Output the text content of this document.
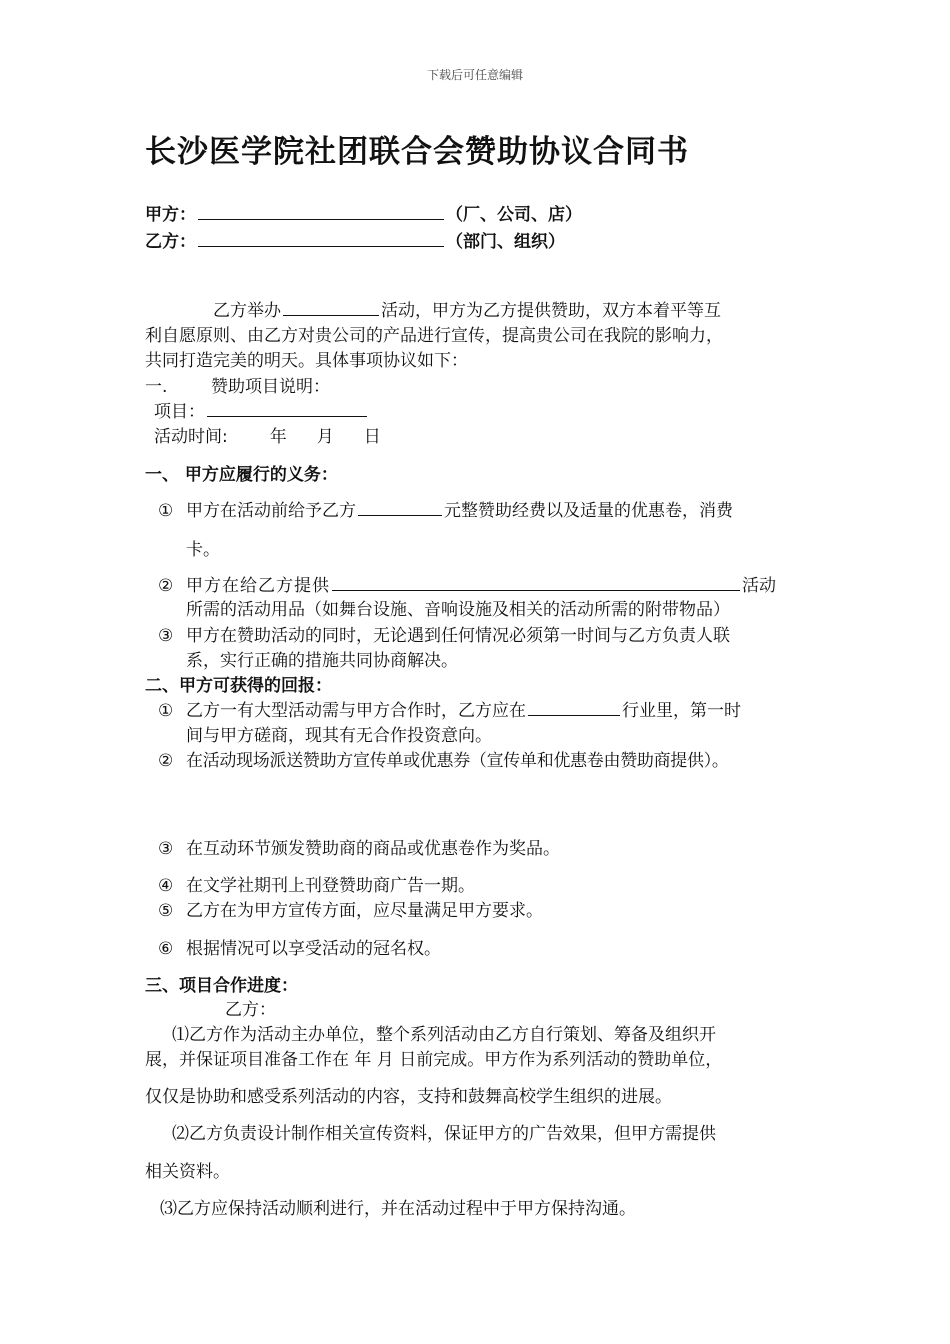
下载后可任意编辑
长沙医学院社团联合会赞助协议合同书
甲方：	（厂、公司、店）
乙方：	（部门、组织）
乙方举办	活动，甲方为乙方提供赞助，双方本着平等互
利自愿原则、由乙方对贵公司的产品进行宣传，提高贵公司在我院的影响力，
共同打造完美的明天。具体事项协议如下：
一.	赞助项目说明：
项目：
活动时间: 年 月 日
一、 甲方应履行的义务：
① 甲方在活动前给予乙方	元整赞助经费以及适量的优惠卷，消费
卡。
② 甲方在给乙方提供	活动
所需的活动用品（如舞台设施、音响设施及相关的活动所需的附带物品）
③ 甲方在赞助活动的同时，无论遇到任何情况必须第一时间与乙方负责人联
系，实行正确的措施共同协商解决。
二、甲方可获得的回报：
① 乙方一有大型活动需与甲方合作时，乙方应在	行业里，第一时
间与甲方磋商，现其有无合作投资意向。
② 在活动现场派送赞助方宣传单或优惠券（宣传单和优惠卷由赞助商提供）。
③ 在互动环节颁发赞助商的商品或优惠卷作为奖品。
④ 在文学社期刊上刊登赞助商广告一期。
⑤ 乙方在为甲方宣传方面，应尽量满足甲方要求。
⑥ 根据情况可以享受活动的冠名权。
三、项目合作进度：
乙方：
⑴乙方作为活动主办单位，整个系列活动由乙方自行策划、筹备及组织开
展，并保证项目准备工作在 年 月 日前完成。甲方作为系列活动的赞助单位，
仅仅是协助和感受系列活动的内容，支持和鼓舞高校学生组织的进展。
⑵乙方负责设计制作相关宣传资料，保证甲方的广告效果，但甲方需提供
相关资料。
⑶乙方应保持活动顺利进行，并在活动过程中于甲方保持沟通。
